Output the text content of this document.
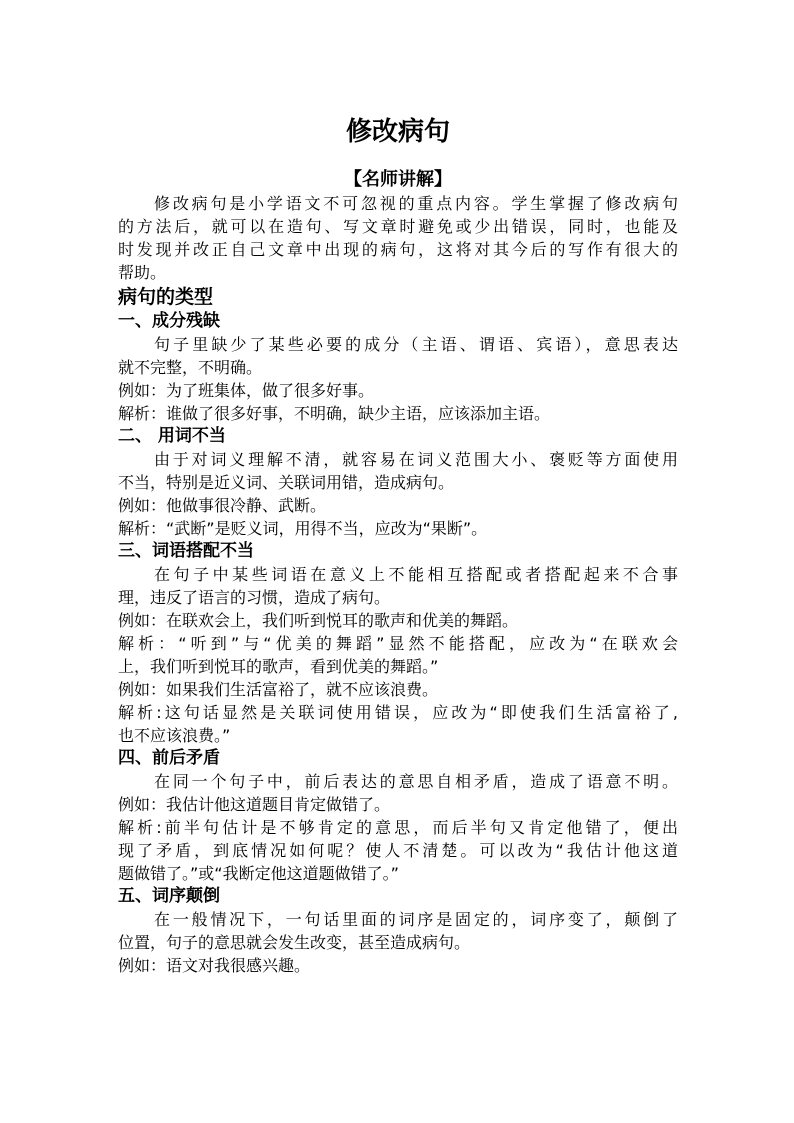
修改病句
【名师讲解】
修改病句是小学语文不可忽视的重点内容。学生掌握了修改病句
的方法后，就可以在造句、写文章时避免或少出错误，同时，也能及
时发现并改正自己文章中出现的病句，这将对其今后的写作有很大的
帮助。
病句的类型
一、成分残缺
句子里缺少了某些必要的成分（主语、谓语、宾语），意思表达
就不完整，不明确。
例如：为了班集体，做了很多好事。
解析：谁做了很多好事，不明确，缺少主语，应该添加主语。
二、 用词不当
由于对词义理解不清，就容易在词义范围大小、褒贬等方面使用
不当，特别是近义词、关联词用错，造成病句。
例如：他做事很冷静、武断。
解析：“武断”是贬义词，用得不当，应改为“果断”。
三、词语搭配不当
在句子中某些词语在意义上不能相互搭配或者搭配起来不合事
理，违反了语言的习惯，造成了病句。
例如：在联欢会上，我们听到悦耳的歌声和优美的舞蹈。
解析：“听到”与“优美的舞蹈”显然不能搭配，应改为“在联欢会
上，我们听到悦耳的歌声，看到优美的舞蹈。”
例如：如果我们生活富裕了，就不应该浪费。
解析:这句话显然是关联词使用错误，应改为“即使我们生活富裕了,
也不应该浪费。”
四、前后矛盾
在同一个句子中，前后表达的意思自相矛盾，造成了语意不明。
例如：我估计他这道题目肯定做错了。
解析:前半句估计是不够肯定的意思，而后半句又肯定他错了，便出
现了矛盾，到底情况如何呢？使人不清楚。可以改为“我估计他这道
题做错了。”或“我断定他这道题做错了。”
五、词序颠倒
在一般情况下，一句话里面的词序是固定的，词序变了，颠倒了
位置，句子的意思就会发生改变，甚至造成病句。
例如：语文对我很感兴趣。
